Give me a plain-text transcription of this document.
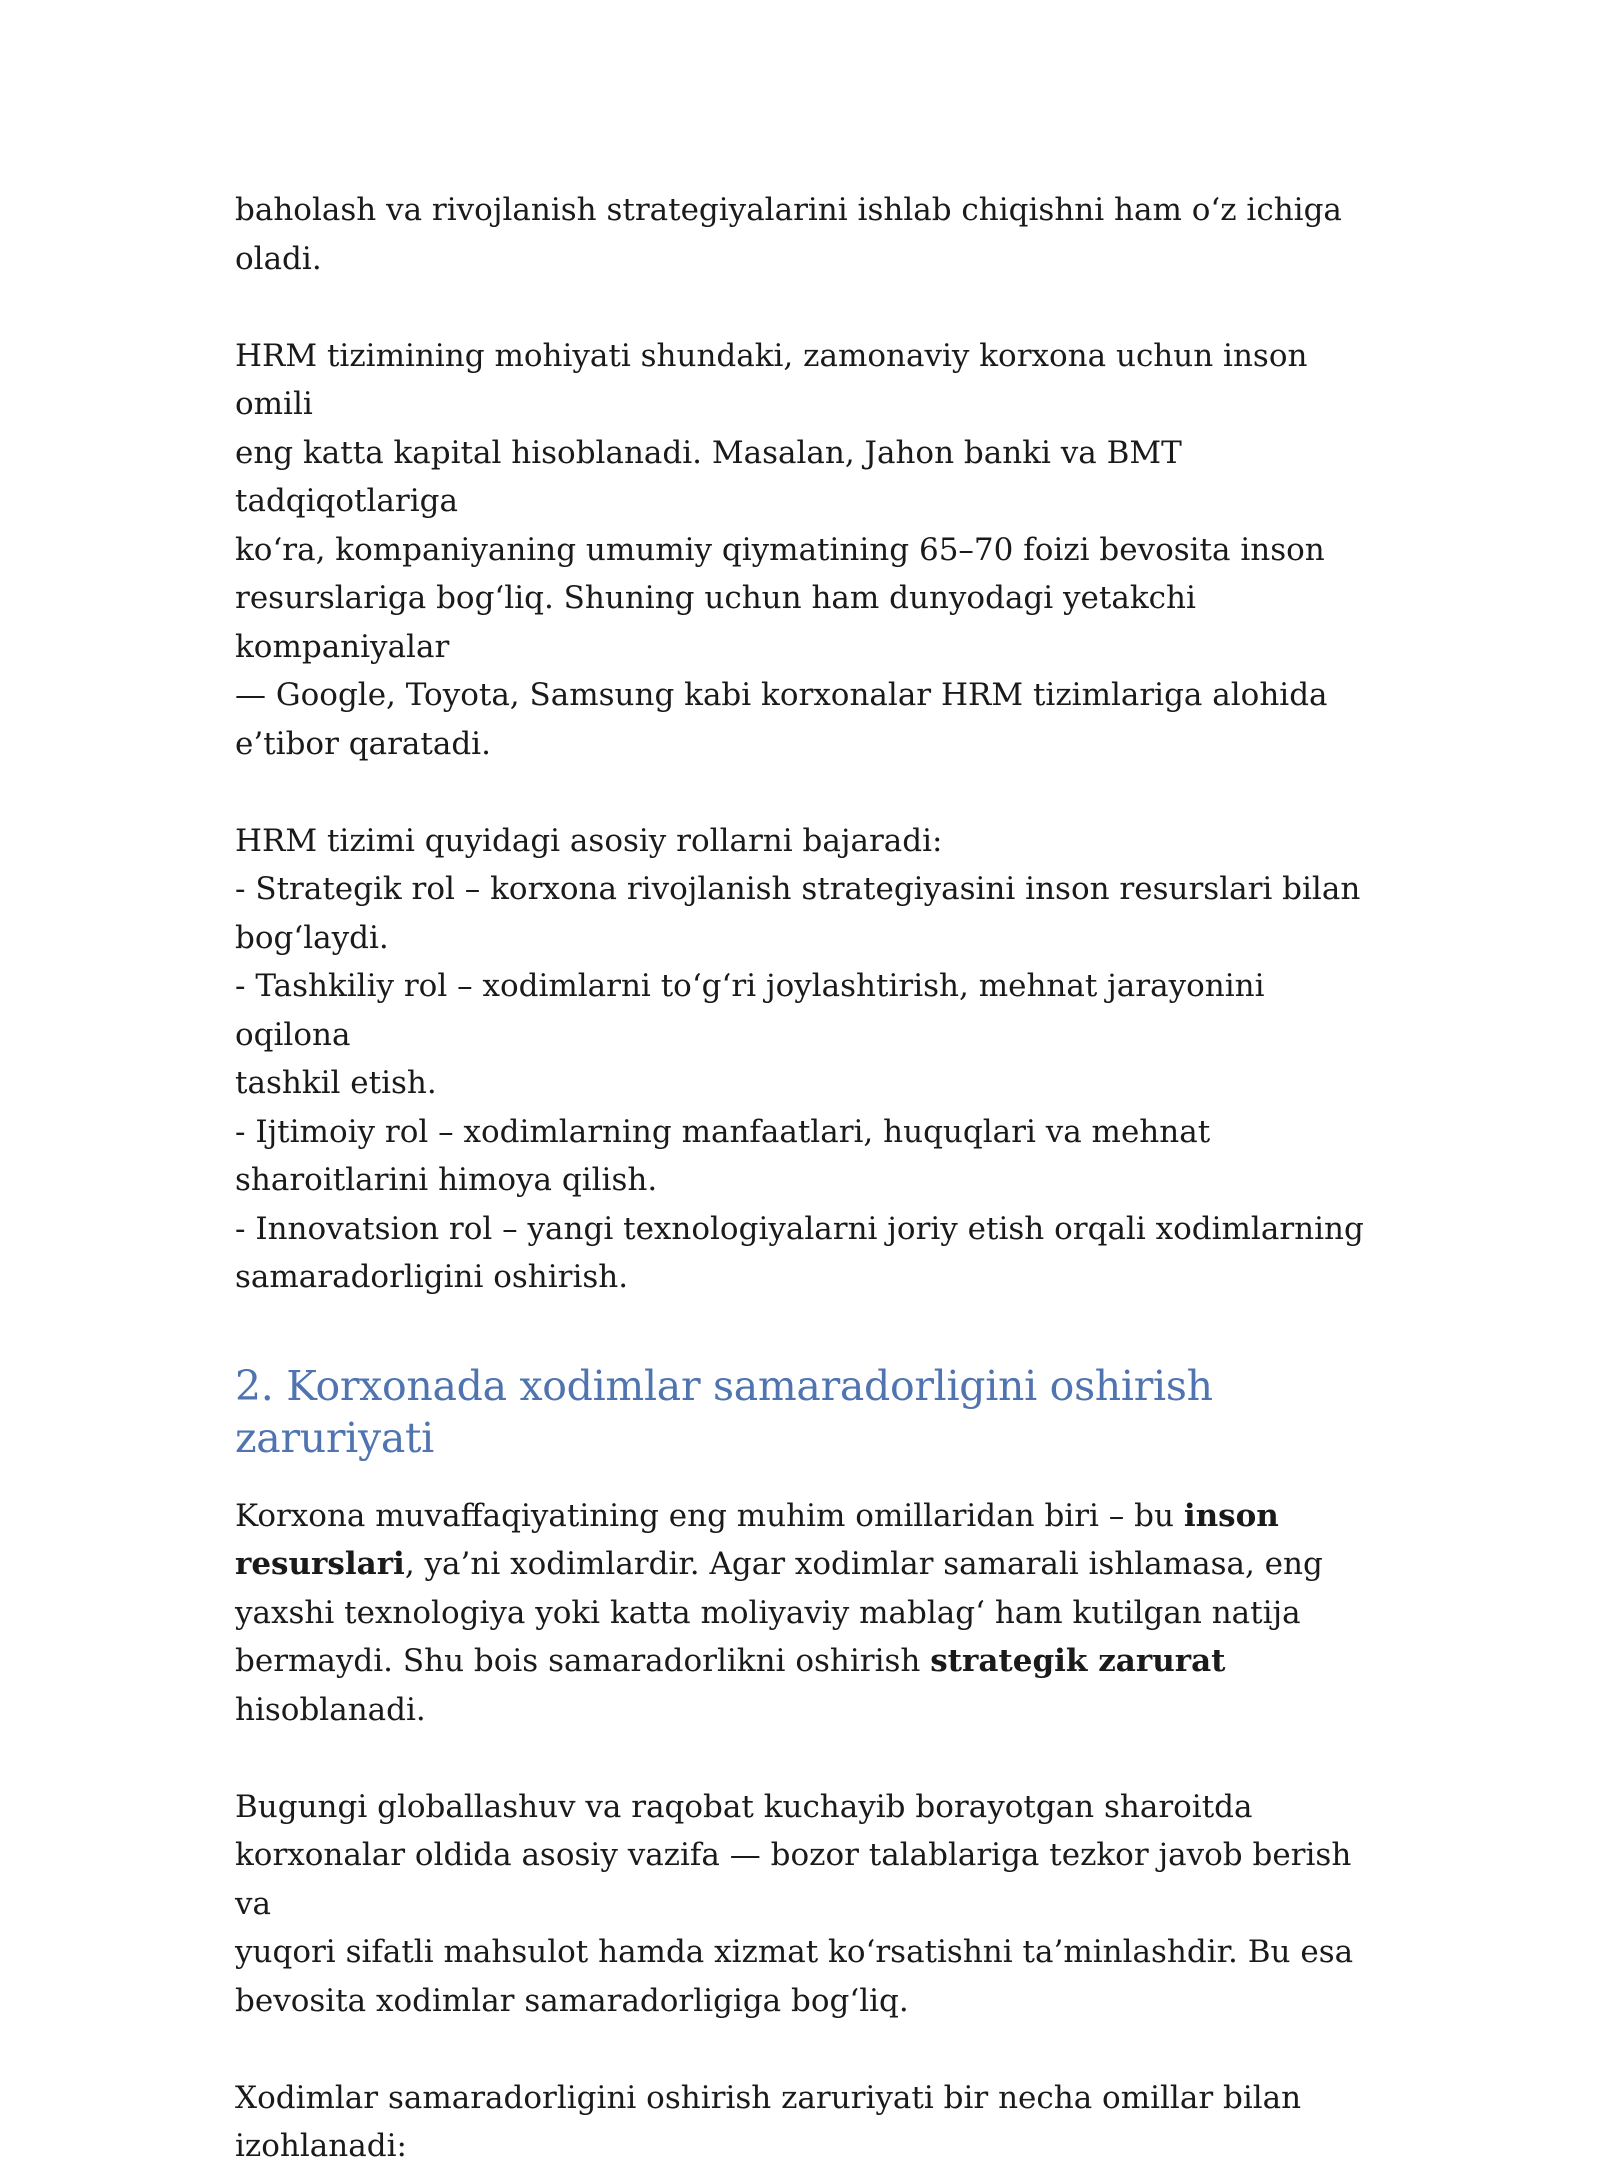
baholash va rivojlanish strategiyalarini ishlab chiqishni ham o‘z ichiga
oladi.

HRM tizimining mohiyati shundaki, zamonaviy korxona uchun inson omili
eng katta kapital hisoblanadi. Masalan, Jahon banki va BMT tadqiqotlariga
ko‘ra, kompaniyaning umumiy qiymatining 65–70 foizi bevosita inson
resurslariga bog‘liq. Shuning uchun ham dunyodagi yetakchi kompaniyalar
— Google, Toyota, Samsung kabi korxonalar HRM tizimlariga alohida
e’tibor qaratadi.

HRM tizimi quyidagi asosiy rollarni bajaradi:
- Strategik rol – korxona rivojlanish strategiyasini inson resurslari bilan
bog‘laydi.
- Tashkiliy rol – xodimlarni to‘g‘ri joylashtirish, mehnat jarayonini oqilona
tashkil etish.
- Ijtimoiy rol – xodimlarning manfaatlari, huquqlari va mehnat
sharoitlarini himoya qilish.
- Innovatsion rol – yangi texnologiyalarni joriy etish orqali xodimlarning
samaradorligini oshirish.

2. Korxonada xodimlar samaradorligini oshirish zaruriyati

Korxona muvaffaqiyatining eng muhim omillaridan biri – bu inson
resurslari, ya’ni xodimlardir. Agar xodimlar samarali ishlamasa, eng
yaxshi texnologiya yoki katta moliyaviy mablag‘ ham kutilgan natija
bermaydi. Shu bois samaradorlikni oshirish strategik zarurat
hisoblanadi.

Bugungi globallashuv va raqobat kuchayib borayotgan sharoitda
korxonalar oldida asosiy vazifa — bozor talablariga tezkor javob berish va
yuqori sifatli mahsulot hamda xizmat ko‘rsatishni ta’minlashdir. Bu esa
bevosita xodimlar samaradorligiga bog‘liq.

Xodimlar samaradorligini oshirish zaruriyati bir necha omillar bilan
izohlanadi:
